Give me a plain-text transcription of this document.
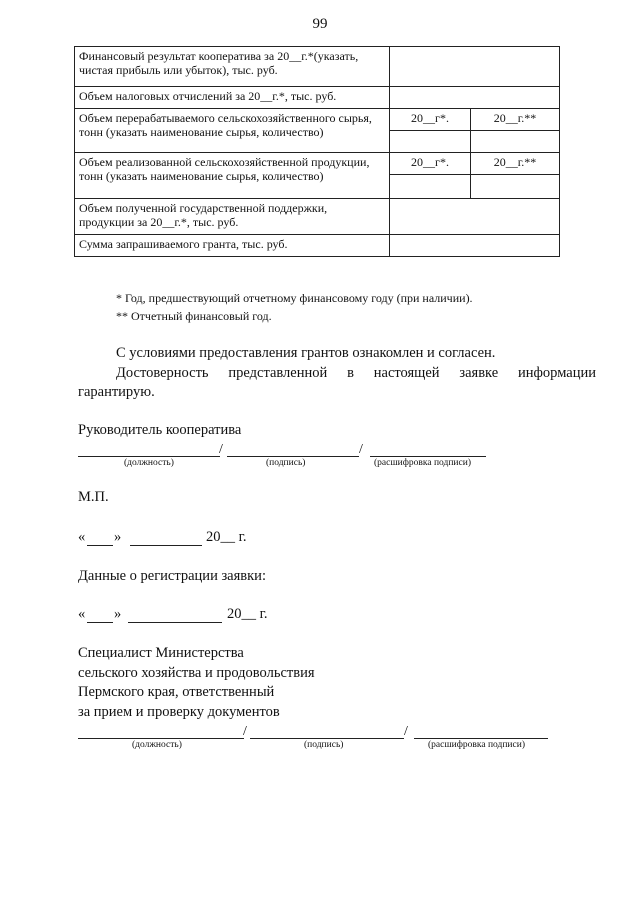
99
Финансовый результат кооператива за 20__г.*(указать, чистая прибыль или убыток), тыс. руб.		
Объем налоговых отчислений за 20__г.*, тыс. руб.		
Объем перерабатываемого сельскохозяйственного сырья, тонн (указать наименование сырья, количество)	20__г*.	20__г.**

Объем реализованной сельскохозяйственной продукции, тонн (указать наименование сырья, количество)	20__г*.	20__г.**

Объем полученной государственной поддержки, продукции за 20__г.*, тыс. руб.		
Сумма запрашиваемого гранта, тыс. руб.		
* Год, предшествующий отчетному финансовому году (при наличии).
** Отчетный финансовый год.
С условиями предоставления грантов ознакомлен и согласен.
Достоверность представленной в настоящей заявке информации
гарантирую.
Руководитель кооператива
/	/
(должность)	(подпись)	(расшифровка подписи)
М.П.
« »	20__ г.
Данные о регистрации заявки:
« »	20__ г.
Специалист Министерства
сельского хозяйства и продовольствия
Пермского края, ответственный
за прием и проверку документов
/	/
(должность)	(подпись)	(расшифровка подписи)
